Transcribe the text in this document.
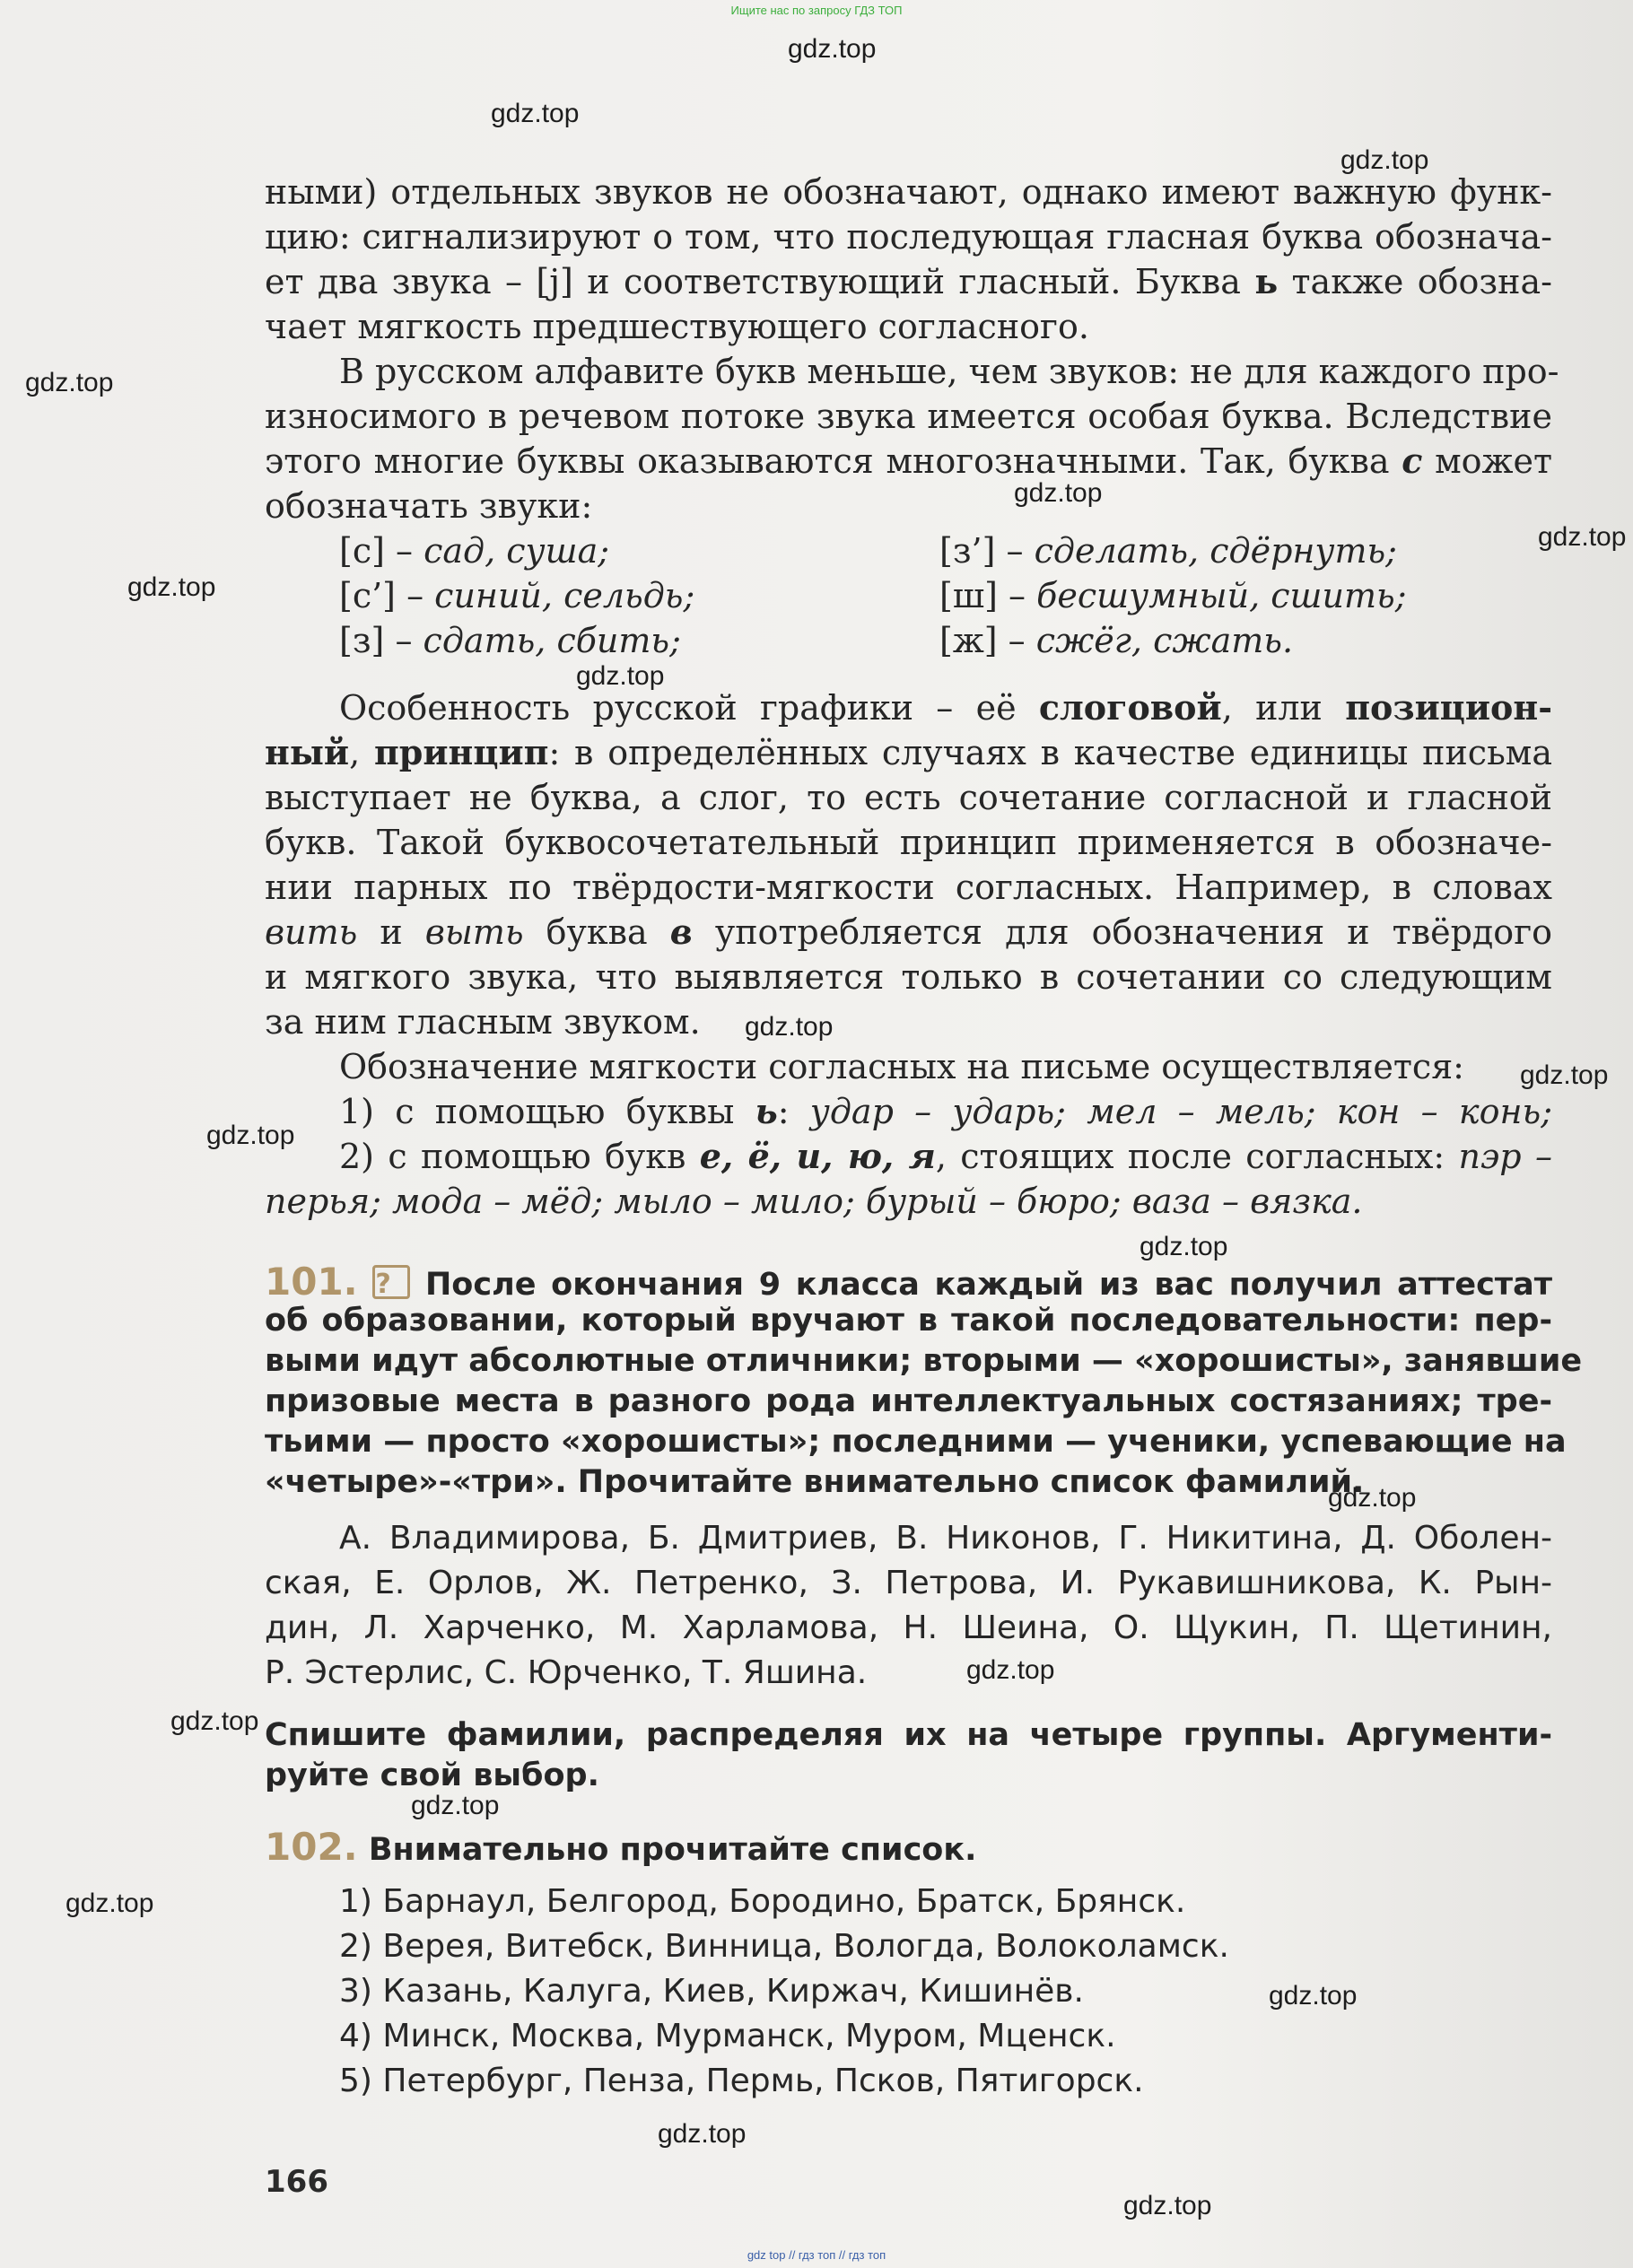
Ищите нас по запросу ГДЗ ТОП
ными) отдельных звуков не обозначают, однако имеют важную функ-
цию: сигнализируют о том, что последующая гласная буква обознача-
ет два звука – [j] и соответствующий гласный. Буква ь также обозна-
чает мягкость предшествующего согласного.
В русском алфавите букв меньше, чем звуков: не для каждого про-
износимого в речевом потоке звука имеется особая буква. Вследствие
этого многие буквы оказываются многозначными. Так, буква с может
обозначать звуки:
[с] – сад, суша;
[с’] – синий, сельдь;
[з] – сдать, сбить;
[з’] – сделать, сдёрнуть;
[ш] – бесшумный, сшить;
[ж] – сжёг, сжать.
Особенность русской графики – её слоговой, или позицион-
ный, принцип: в определённых случаях в качестве единицы письма
выступает не буква, а слог, то есть сочетание согласной и гласной
букв. Такой буквосочетательный принцип применяется в обозначе-
нии парных по твёрдости-мягкости согласных. Например, в словах
вить и выть буква в употребляется для обозначения и твёрдого
и мягкого звука, что выявляется только в сочетании со следующим
за ним гласным звуком.
Обозначение мягкости согласных на письме осуществляется:
1) с помощью буквы ь: удар – ударь; мел – мель; кон – конь;
2) с помощью букв е, ё, и, ю, я, стоящих после согласных: пэр –
перья; мода – мёд; мыло – мило; бурый – бюро; ваза – вязка.
101. ? После окончания 9 класса каждый из вас получил аттестат
об образовании, который вручают в такой последовательности: пер-
выми идут абсолютные отличники; вторыми — «хорошисты», занявшие
призовые места в разного рода интеллектуальных состязаниях; тре-
тьими — просто «хорошисты»; последними — ученики, успевающие на
«четыре»-«три». Прочитайте внимательно список фамилий.
А. Владимирова, Б. Дмитриев, В. Никонов, Г. Никитина, Д. Оболен-
ская, Е. Орлов, Ж. Петренко, З. Петрова, И. Рукавишникова, К. Рын-
дин, Л. Харченко, М. Харламова, Н. Шеина, О. Щукин, П. Щетинин,
Р. Эстерлис, С. Юрченко, Т. Яшина.
Спишите фамилии, распределяя их на четыре группы. Аргументи-
руйте свой выбор.
102. Внимательно прочитайте список.
1) Барнаул, Белгород, Бородино, Братск, Брянск.
2) Верея, Витебск, Винница, Вологда, Волоколамск.
3) Казань, Калуга, Киев, Киржач, Кишинёв.
4) Минск, Москва, Мурманск, Муром, Мценск.
5) Петербург, Пенза, Пермь, Псков, Пятигорск.
166
gdz.top
gdz.top
gdz.top
gdz.top
gdz.top
gdz.top
gdz.top
gdz.top
gdz.top
gdz.top
gdz.top
gdz.top
gdz.top
gdz.top
gdz.top
gdz.top
gdz.top
gdz.top
gdz.top
gdz.top
gdz top // гдз топ // гдз топ
